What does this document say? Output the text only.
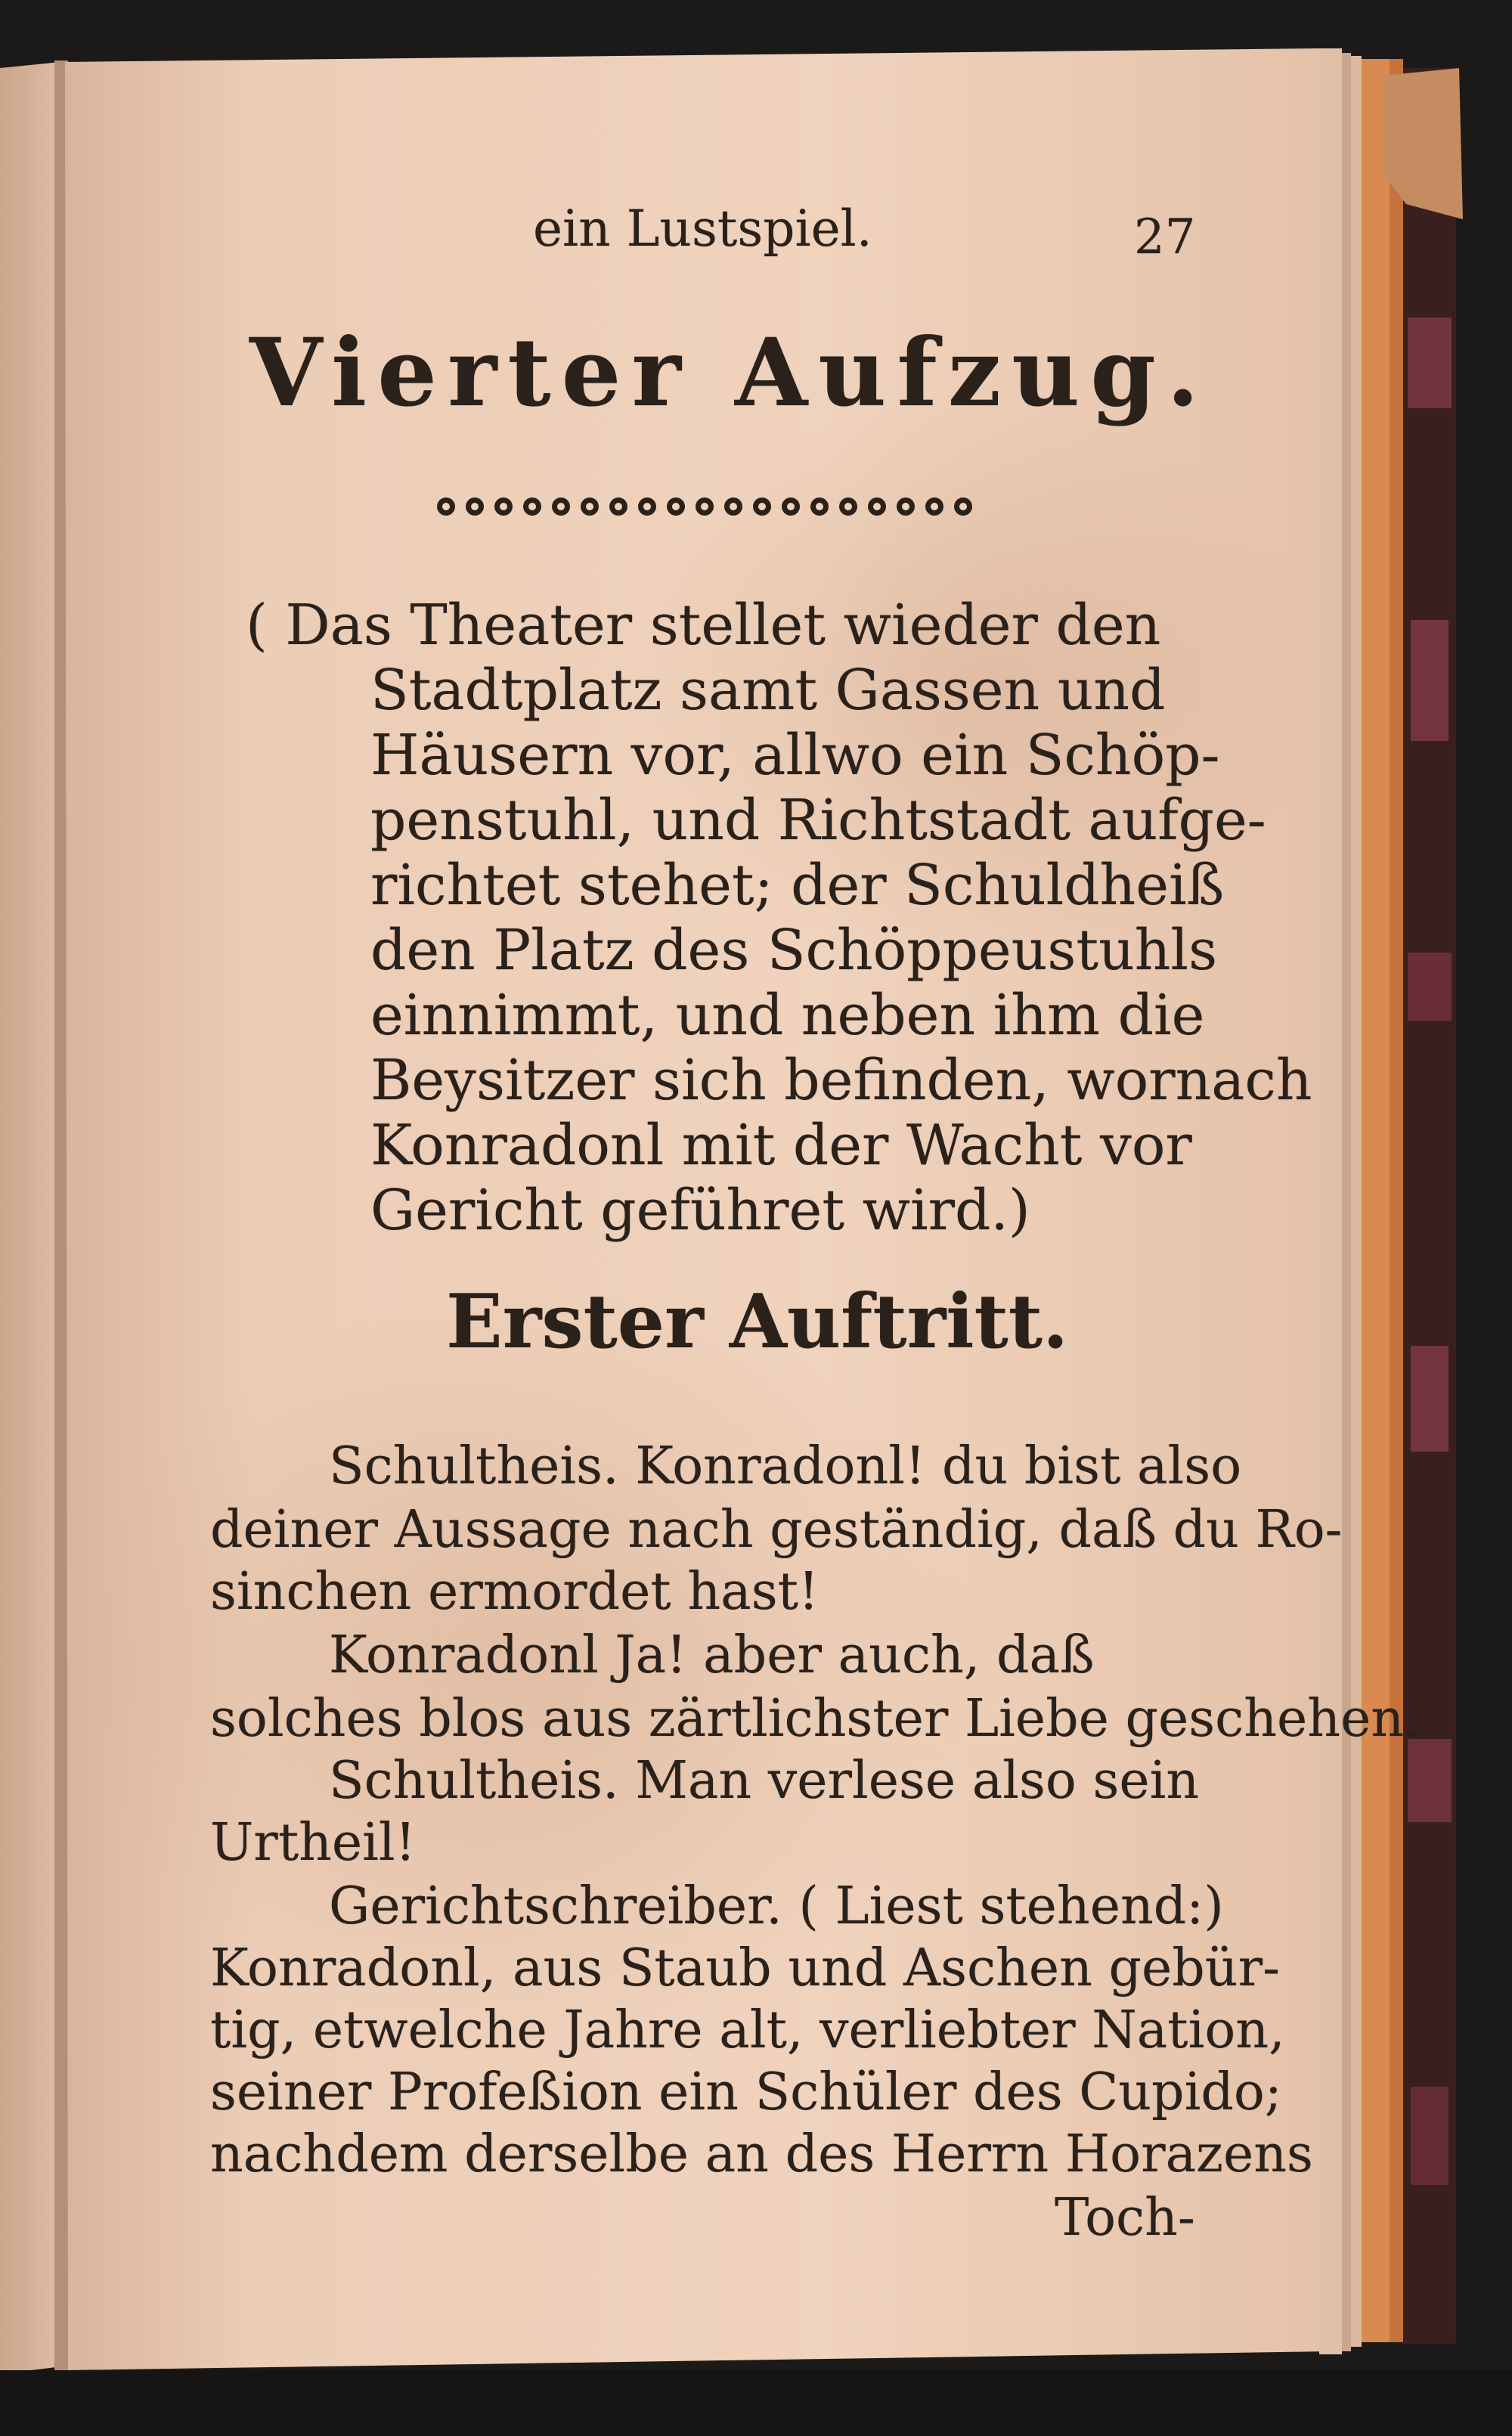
ein Lustspiel.	27

Vierter Aufzug.

( Das Theater stellet wieder den

Stadtplatz samt Gassen und

Häusern vor, allwo ein Schöp-

penstuhl, und Richtstadt aufge-

richtet stehet; der Schuldheiß

den Platz des Schöppeustuhls

einnimmt, und neben ihm die

Beysitzer sich befinden, wornach

Konradonl mit der Wacht vor

Gericht geführet wird.)

Erster Auftritt.

Schultheis. Konradonl! du bist also

deiner Aussage nach geständig, daß du Ro-

sinchen ermordet hast!

Konradonl Ja! aber auch, daß

solches blos aus zärtlichster Liebe geschehen.

Schultheis. Man verlese also sein

Urtheil!

Gerichtschreiber. ( Liest stehend:)

Konradonl, aus Staub und Aschen gebür-

tig, etwelche Jahre alt, verliebter Nation,

seiner Profeßion ein Schüler des Cupido;

nachdem derselbe an des Herrn Horazens

Toch-
